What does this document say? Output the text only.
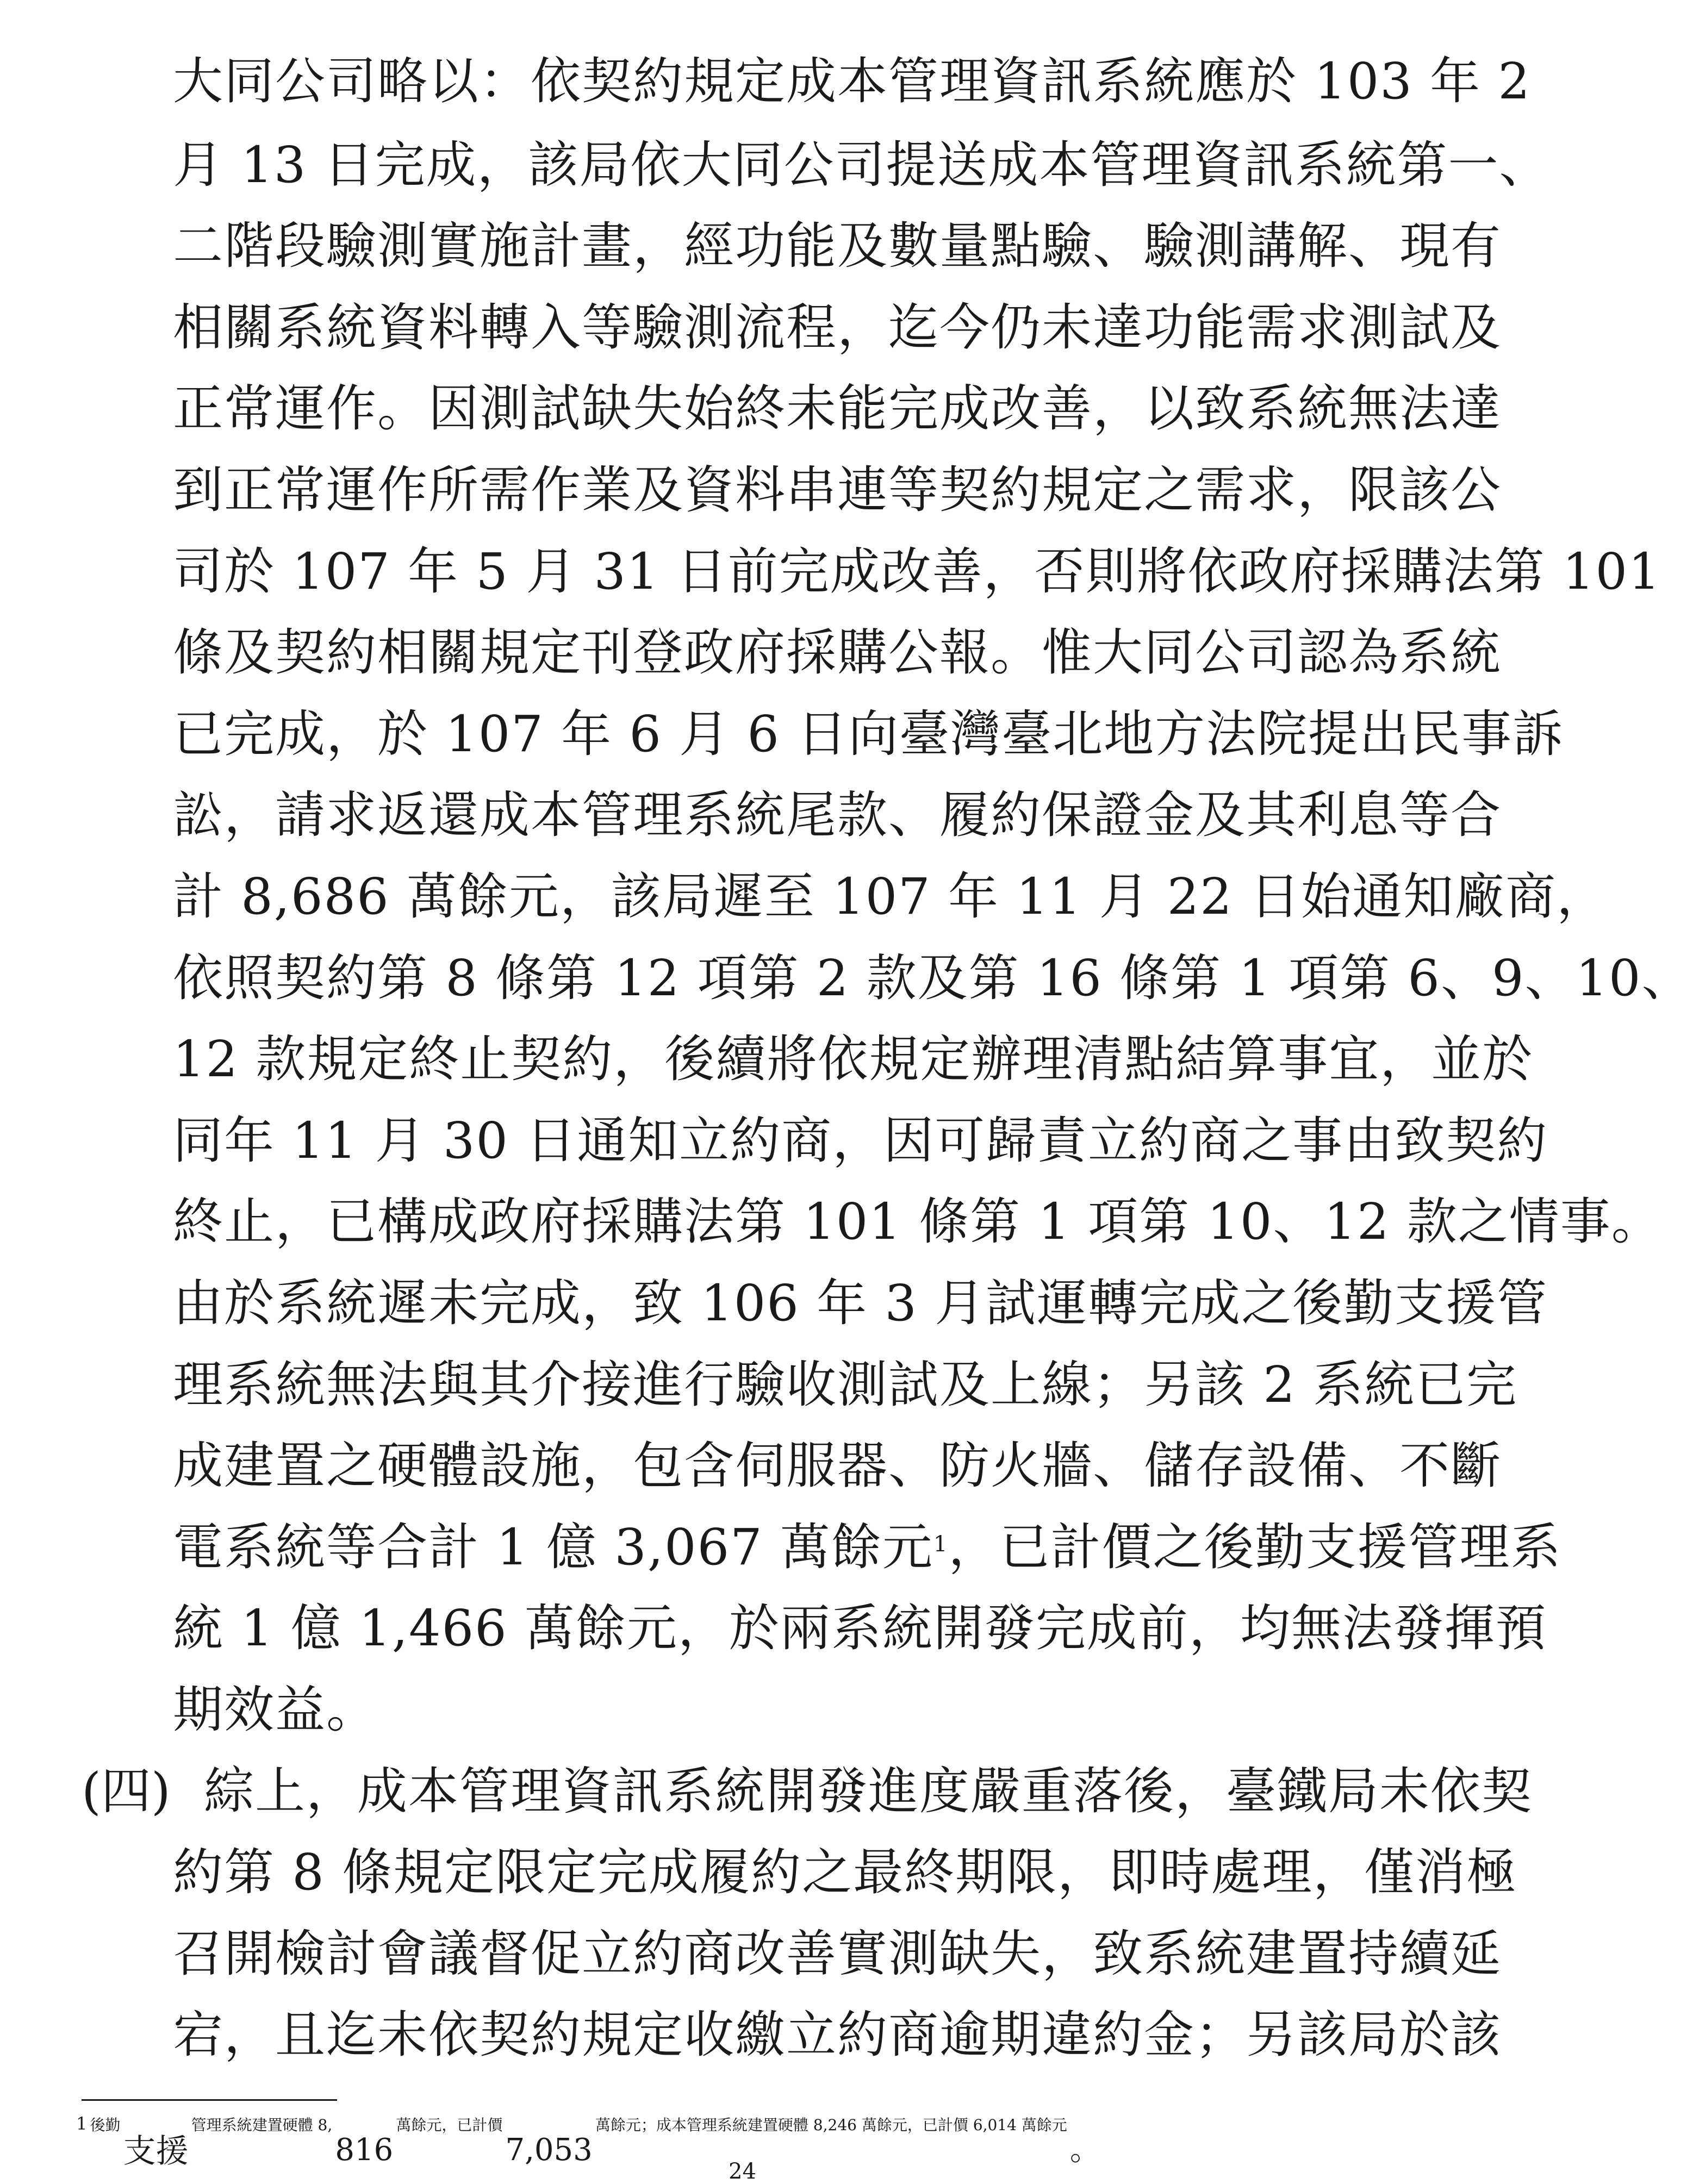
大同公司略以：依契約規定成本管理資訊系統應於 103 年 2
月 13 日完成，該局依大同公司提送成本管理資訊系統第一、
二階段驗測實施計畫，經功能及數量點驗、驗測講解、現有
相關系統資料轉入等驗測流程，迄今仍未達功能需求測試及
正常運作。因測試缺失始終未能完成改善，以致系統無法達
到正常運作所需作業及資料串連等契約規定之需求，限該公
司於 107 年 5 月 31 日前完成改善，否則將依政府採購法第 101
條及契約相關規定刊登政府採購公報。惟大同公司認為系統
已完成，於 107 年 6 月 6 日向臺灣臺北地方法院提出民事訴
訟，請求返還成本管理系統尾款、履約保證金及其利息等合
計 8,686 萬餘元，該局遲至 107 年 11 月 22 日始通知廠商，
依照契約第 8 條第 12 項第 2 款及第 16 條第 1 項第 6、9、10、
12 款規定終止契約，後續將依規定辦理清點結算事宜，並於
同年 11 月 30 日通知立約商，因可歸責立約商之事由致契約
終止，已構成政府採購法第 101 條第 1 項第 10、12 款之情事。
由於系統遲未完成，致 106 年 3 月試運轉完成之後勤支援管
理系統無法與其介接進行驗收測試及上線；另該 2 系統已完
成建置之硬體設施，包含伺服器、防火牆、儲存設備、不斷
電系統等合計 1 億 3,067 萬餘元$^1$，已計價之後勤支援管理系
統 1 億 1,466 萬餘元，於兩系統開發完成前，均無法發揮預
期效益。
(四) 綜上，成本管理資訊系統開發進度嚴重落後，臺鐵局未依契
約第 8 條規定限定完成履約之最終期限，即時處理，僅消極
召開檢討會議督促立約商改善實測缺失，致系統建置持續延
宕，且迄未依契約規定收繳立約商逾期違約金；另該局於該
1 後勤 支援 管理系統建置硬體 8, 816 萬餘元，已計價 7,053 萬餘元；成本管理系統建置硬體 8,246 萬餘元，已計價 6,014 萬餘元 。
24
